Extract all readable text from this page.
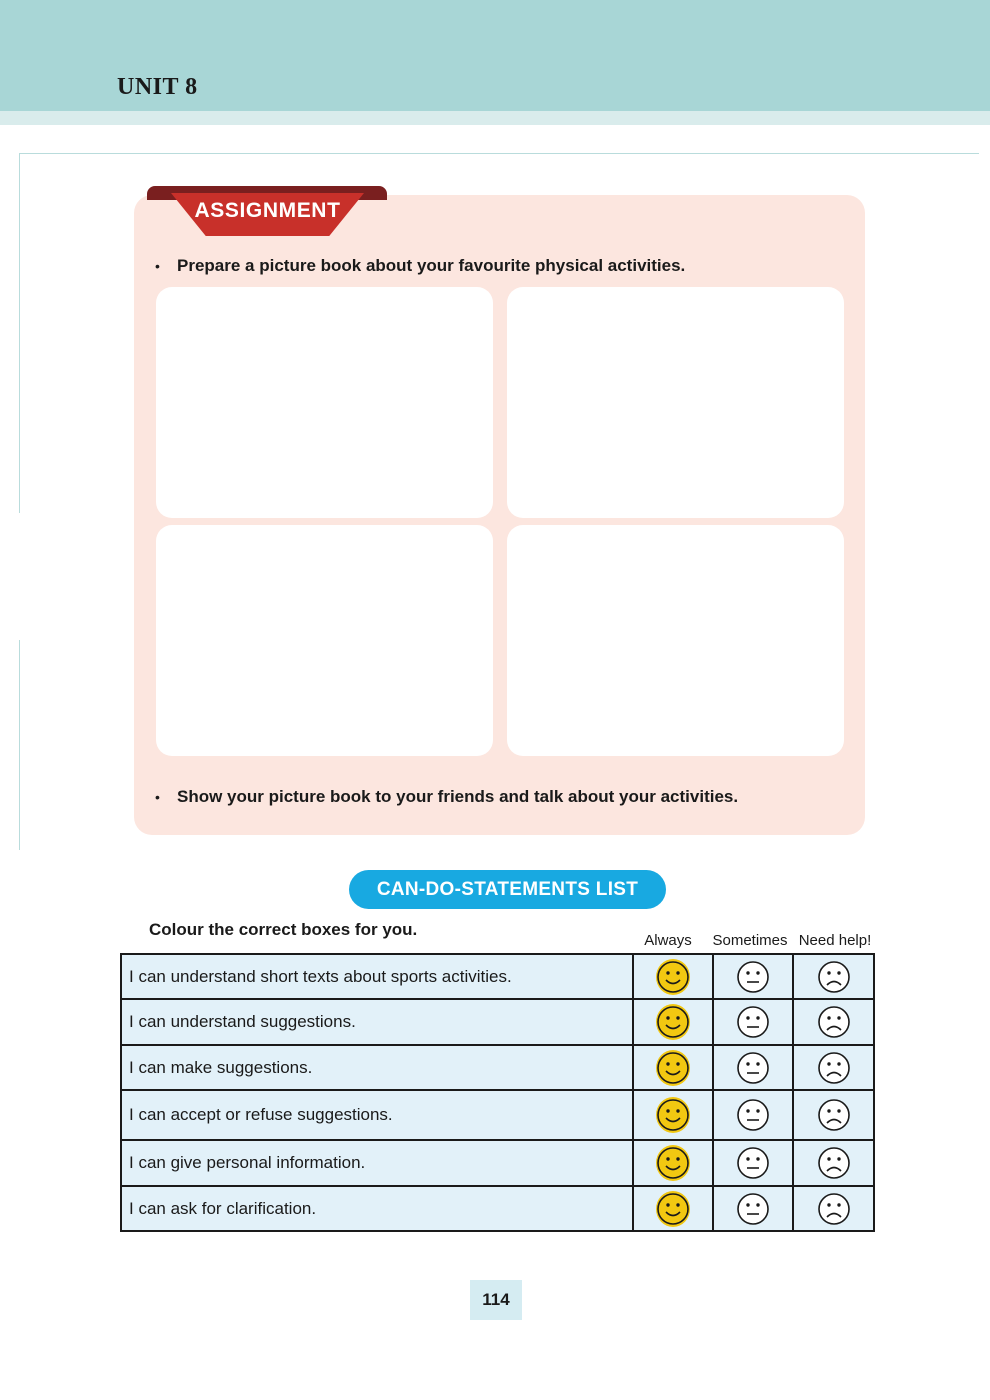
UNIT 8
ASSIGNMENT
• Prepare a picture book about your favourite physical activities.
• Show your picture book to your friends and talk about your activities.
CAN-DO-STATEMENTS LIST
Colour the correct boxes for you.
Always	Sometimes Need help!
I can understand short texts about sports activities.	

I can understand suggestions.	

I can make suggestions.	

I can accept or refuse suggestions.	

I can give personal information.	

I can ask for clarification.	

114
